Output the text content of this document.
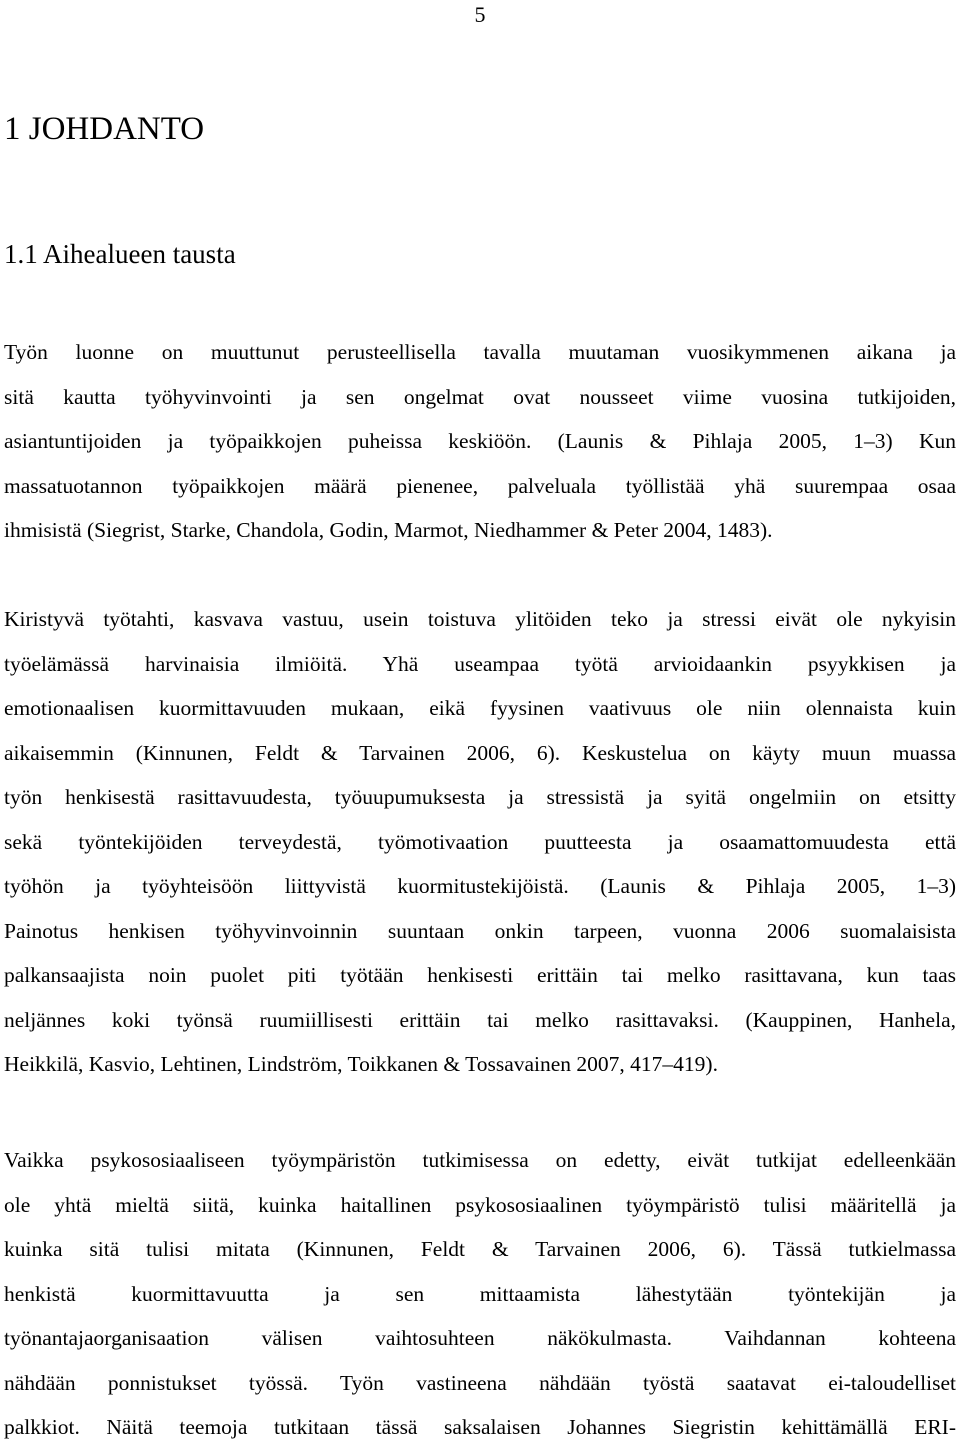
5
1 JOHDANTO
1.1 Aihealueen tausta

Työn luonne on muuttunut perusteellisella tavalla muutaman vuosikymmenen aikana ja
sitä kautta työhyvinvointi ja sen ongelmat ovat nousseet viime vuosina tutkijoiden,
asiantuntijoiden ja työpaikkojen puheissa keskiöön. (Launis & Pihlaja 2005, 1–3) Kun
massatuotannon työpaikkojen määrä pienenee, palveluala työllistää yhä suurempaa osaa
ihmisistä (Siegrist, Starke, Chandola, Godin, Marmot, Niedhammer & Peter 2004, 1483).

Kiristyvä työtahti, kasvava vastuu, usein toistuva ylitöiden teko ja stressi eivät ole nykyisin
työelämässä harvinaisia ilmiöitä. Yhä useampaa työtä arvioidaankin psyykkisen ja
emotionaalisen kuormittavuuden mukaan, eikä fyysinen vaativuus ole niin olennaista kuin
aikaisemmin (Kinnunen, Feldt & Tarvainen 2006, 6). Keskustelua on käyty muun muassa
työn henkisestä rasittavuudesta, työuupumuksesta ja stressistä ja syitä ongelmiin on etsitty
sekä työntekijöiden terveydestä, työmotivaation puutteesta ja osaamattomuudesta että
työhön ja työyhteisöön liittyvistä kuormitustekijöistä. (Launis & Pihlaja 2005, 1–3)
Painotus henkisen työhyvinvoinnin suuntaan onkin tarpeen, vuonna 2006 suomalaisista
palkansaajista noin puolet piti työtään henkisesti erittäin tai melko rasittavana, kun taas
neljännes koki työnsä ruumiillisesti erittäin tai melko rasittavaksi. (Kauppinen, Hanhela,
Heikkilä, Kasvio, Lehtinen, Lindström, Toikkanen & Tossavainen 2007, 417–419).

Vaikka psykososiaaliseen työympäristön tutkimisessa on edetty, eivät tutkijat edelleenkään
ole yhtä mieltä siitä, kuinka haitallinen psykososiaalinen työympäristö tulisi määritellä ja
kuinka sitä tulisi mitata (Kinnunen, Feldt & Tarvainen 2006, 6). Tässä tutkielmassa
henkistä kuormittavuutta ja sen mittaamista lähestytään työntekijän ja
työnantajaorganisaation välisen vaihtosuhteen näkökulmasta. Vaihdannan kohteena
nähdään ponnistukset työssä. Työn vastineena nähdään työstä saatavat ei-taloudelliset
palkkiot. Näitä teemoja tutkitaan tässä saksalaisen Johannes Siegristin kehittämällä ERI-
